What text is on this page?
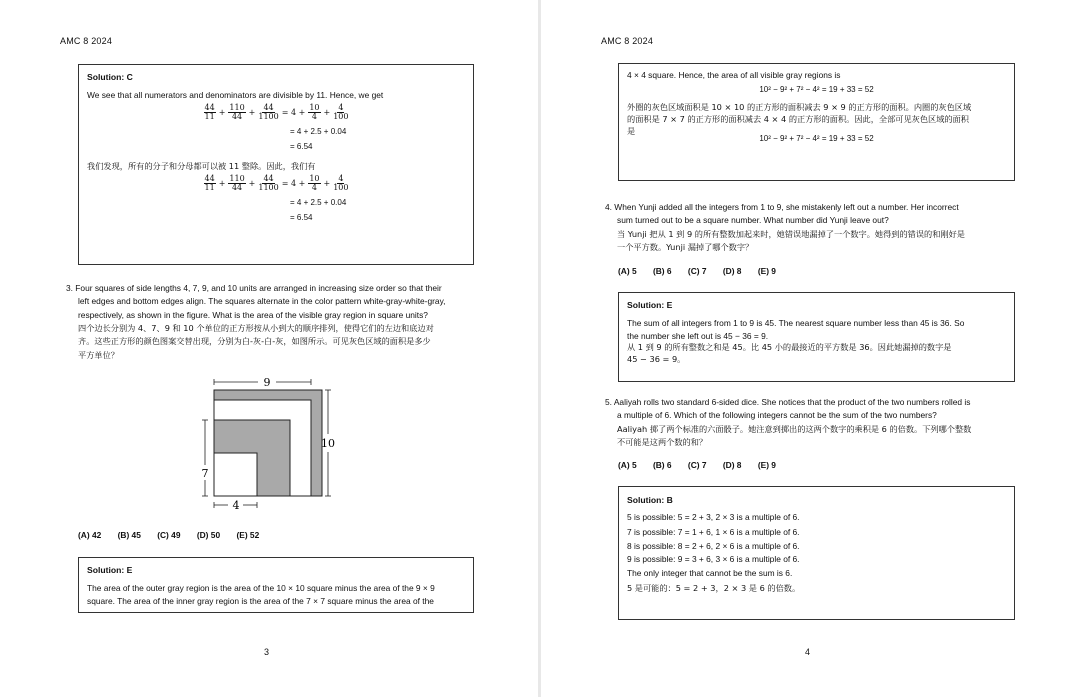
AMC 8 2024
Solution: C
We see that all numerators and denominators are divisible by 11. Hence, we get
$\frac{44}{11} + \frac{110}{44} + \frac{44}{1100} = 4 + \frac{10}{4} + \frac{4}{100}$
= 4 + 2.5 + 0.04
= 6.54
我们发现，所有的分子和分母都可以被 11 整除。因此，我们有
$\frac{44}{11} + \frac{110}{44} + \frac{44}{1100} = 4 + \frac{10}{4} + \frac{4}{100}$
= 4 + 2.5 + 0.04
= 6.54
3. Four squares of side lengths 4, 7, 9, and 10 units are arranged in increasing size order so that their
left edges and bottom edges align. The squares alternate in the color pattern white-gray-white-gray,
respectively, as shown in the figure. What is the area of the visible gray region in square units?
四个边长分别为 4、7、9 和 10 个单位的正方形按从小到大的顺序排列，使得它们的左边和底边对
齐。这些正方形的颜色图案交替出现，分别为白-灰-白-灰，如图所示。可见灰色区域的面积是多少
平方单位？
9
10
7
4
(A) 42 (B) 45 (C) 49 (D) 50 (E) 52
Solution: E
The area of the outer gray region is the area of the 10 × 10 square minus the area of the 9 × 9
square. The area of the inner gray region is the area of the 7 × 7 square minus the area of the
3
AMC 8 2024
4 × 4 square. Hence, the area of all visible gray regions is
10² − 9² + 7² − 4² = 19 + 33 = 52
外圈的灰色区域面积是 10 × 10 的正方形的面积减去 9 × 9 的正方形的面积。内圈的灰色区域
的面积是 7 × 7 的正方形的面积减去 4 × 4 的正方形的面积。因此，全部可见灰色区域的面积
是
10² − 9² + 7² − 4² = 19 + 33 = 52
4. When Yunji added all the integers from 1 to 9, she mistakenly left out a number. Her incorrect
sum turned out to be a square number. What number did Yunji leave out?
当 Yunji 把从 1 到 9 的所有整数加起来时，她错误地漏掉了一个数字。她得到的错误的和刚好是
一个平方数。Yunji 漏掉了哪个数字？
(A) 5 (B) 6 (C) 7 (D) 8 (E) 9
Solution: E
The sum of all integers from 1 to 9 is 45. The nearest square number less than 45 is 36. So
the number she left out is 45 − 36 = 9.
从 1 到 9 的所有整数之和是 45。比 45 小的最接近的平方数是 36。因此她漏掉的数字是
45 − 36 = 9。
5. Aaliyah rolls two standard 6-sided dice. She notices that the product of the two numbers rolled is
a multiple of 6. Which of the following integers cannot be the sum of the two numbers?
Aaliyah 掷了两个标准的六面骰子。她注意到掷出的这两个数字的乘积是 6 的倍数。下列哪个整数
不可能是这两个数的和？
(A) 5 (B) 6 (C) 7 (D) 8 (E) 9
Solution: B
5 is possible: 5 = 2 + 3, 2 × 3 is a multiple of 6.
7 is possible: 7 = 1 + 6, 1 × 6 is a multiple of 6.
8 is possible: 8 = 2 + 6, 2 × 6 is a multiple of 6.
9 is possible: 9 = 3 + 6, 3 × 6 is a multiple of 6.
The only integer that cannot be the sum is 6.
5 是可能的：5 = 2 + 3，2 × 3 是 6 的倍数。
4
